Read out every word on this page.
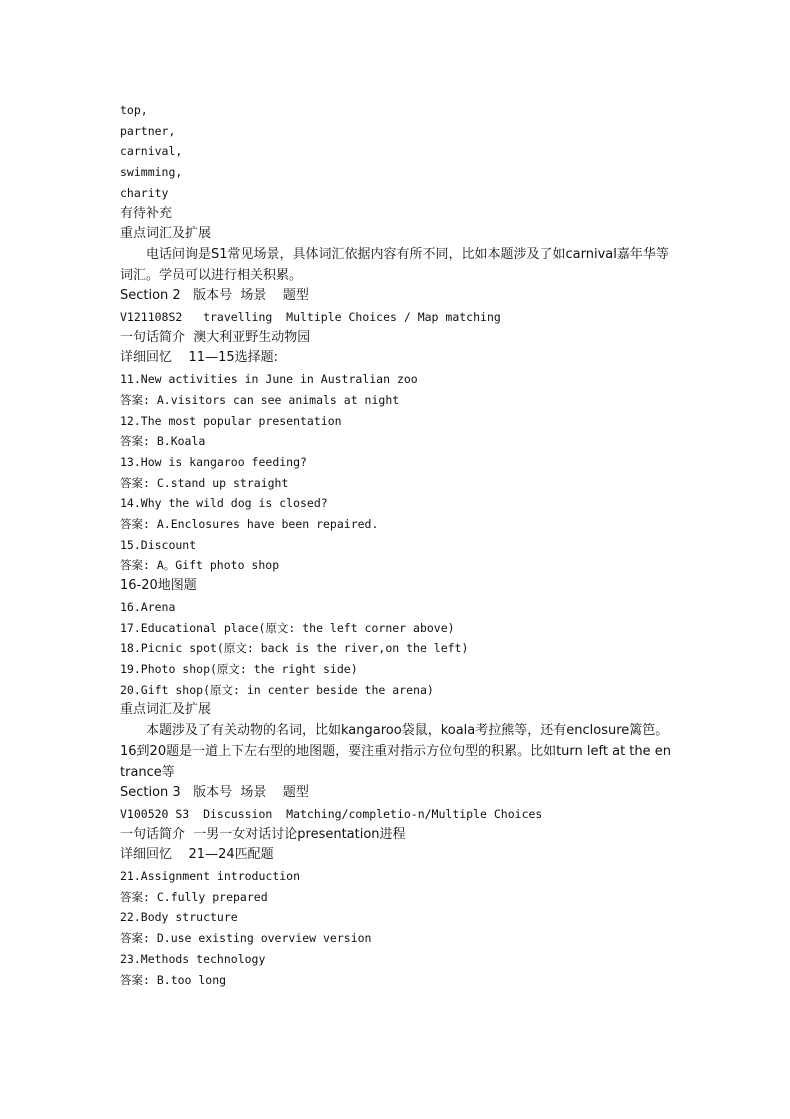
top,
partner,
carnival,
swimming,
charity
有待补充
重点词汇及扩展
电话问询是S1常见场景，具体词汇依据内容有所不同，比如本题涉及了如carnival嘉年华等词汇。学员可以进行相关积累。
Section 2   版本号  场景    题型
V121108S2   travelling  Multiple Choices / Map matching
一句话简介  澳大利亚野生动物园
详细回忆    11—15选择题:
11.New activities in June in Australian zoo
答案: A.visitors can see animals at night
12.The most popular presentation
答案: B.Koala
13.How is kangaroo feeding?
答案: C.stand up straight
14.Why the wild dog is closed?
答案: A.Enclosures have been repaired.
15.Discount
答案: A。Gift photo shop
16-20地图题
16.Arena
17.Educational place(原文: the left corner above)
18.Picnic spot(原文: back is the river,on the left)
19.Photo shop(原文: the right side)
20.Gift shop(原文: in center beside the arena)
重点词汇及扩展
本题涉及了有关动物的名词，比如kangaroo袋鼠，koala考拉熊等，还有enclosure篱笆。
16到20题是一道上下左右型的地图题，要注重对指示方位句型的积累。比如turn left at the entrance等
Section 3   版本号  场景    题型
V100520 S3  Discussion  Matching/completio-n/Multiple Choices
一句话简介  一男一女对话讨论presentation进程
详细回忆    21—24匹配题
21.Assignment introduction
答案: C.fully prepared
22.Body structure
答案: D.use existing overview version
23.Methods technology
答案: B.too long
